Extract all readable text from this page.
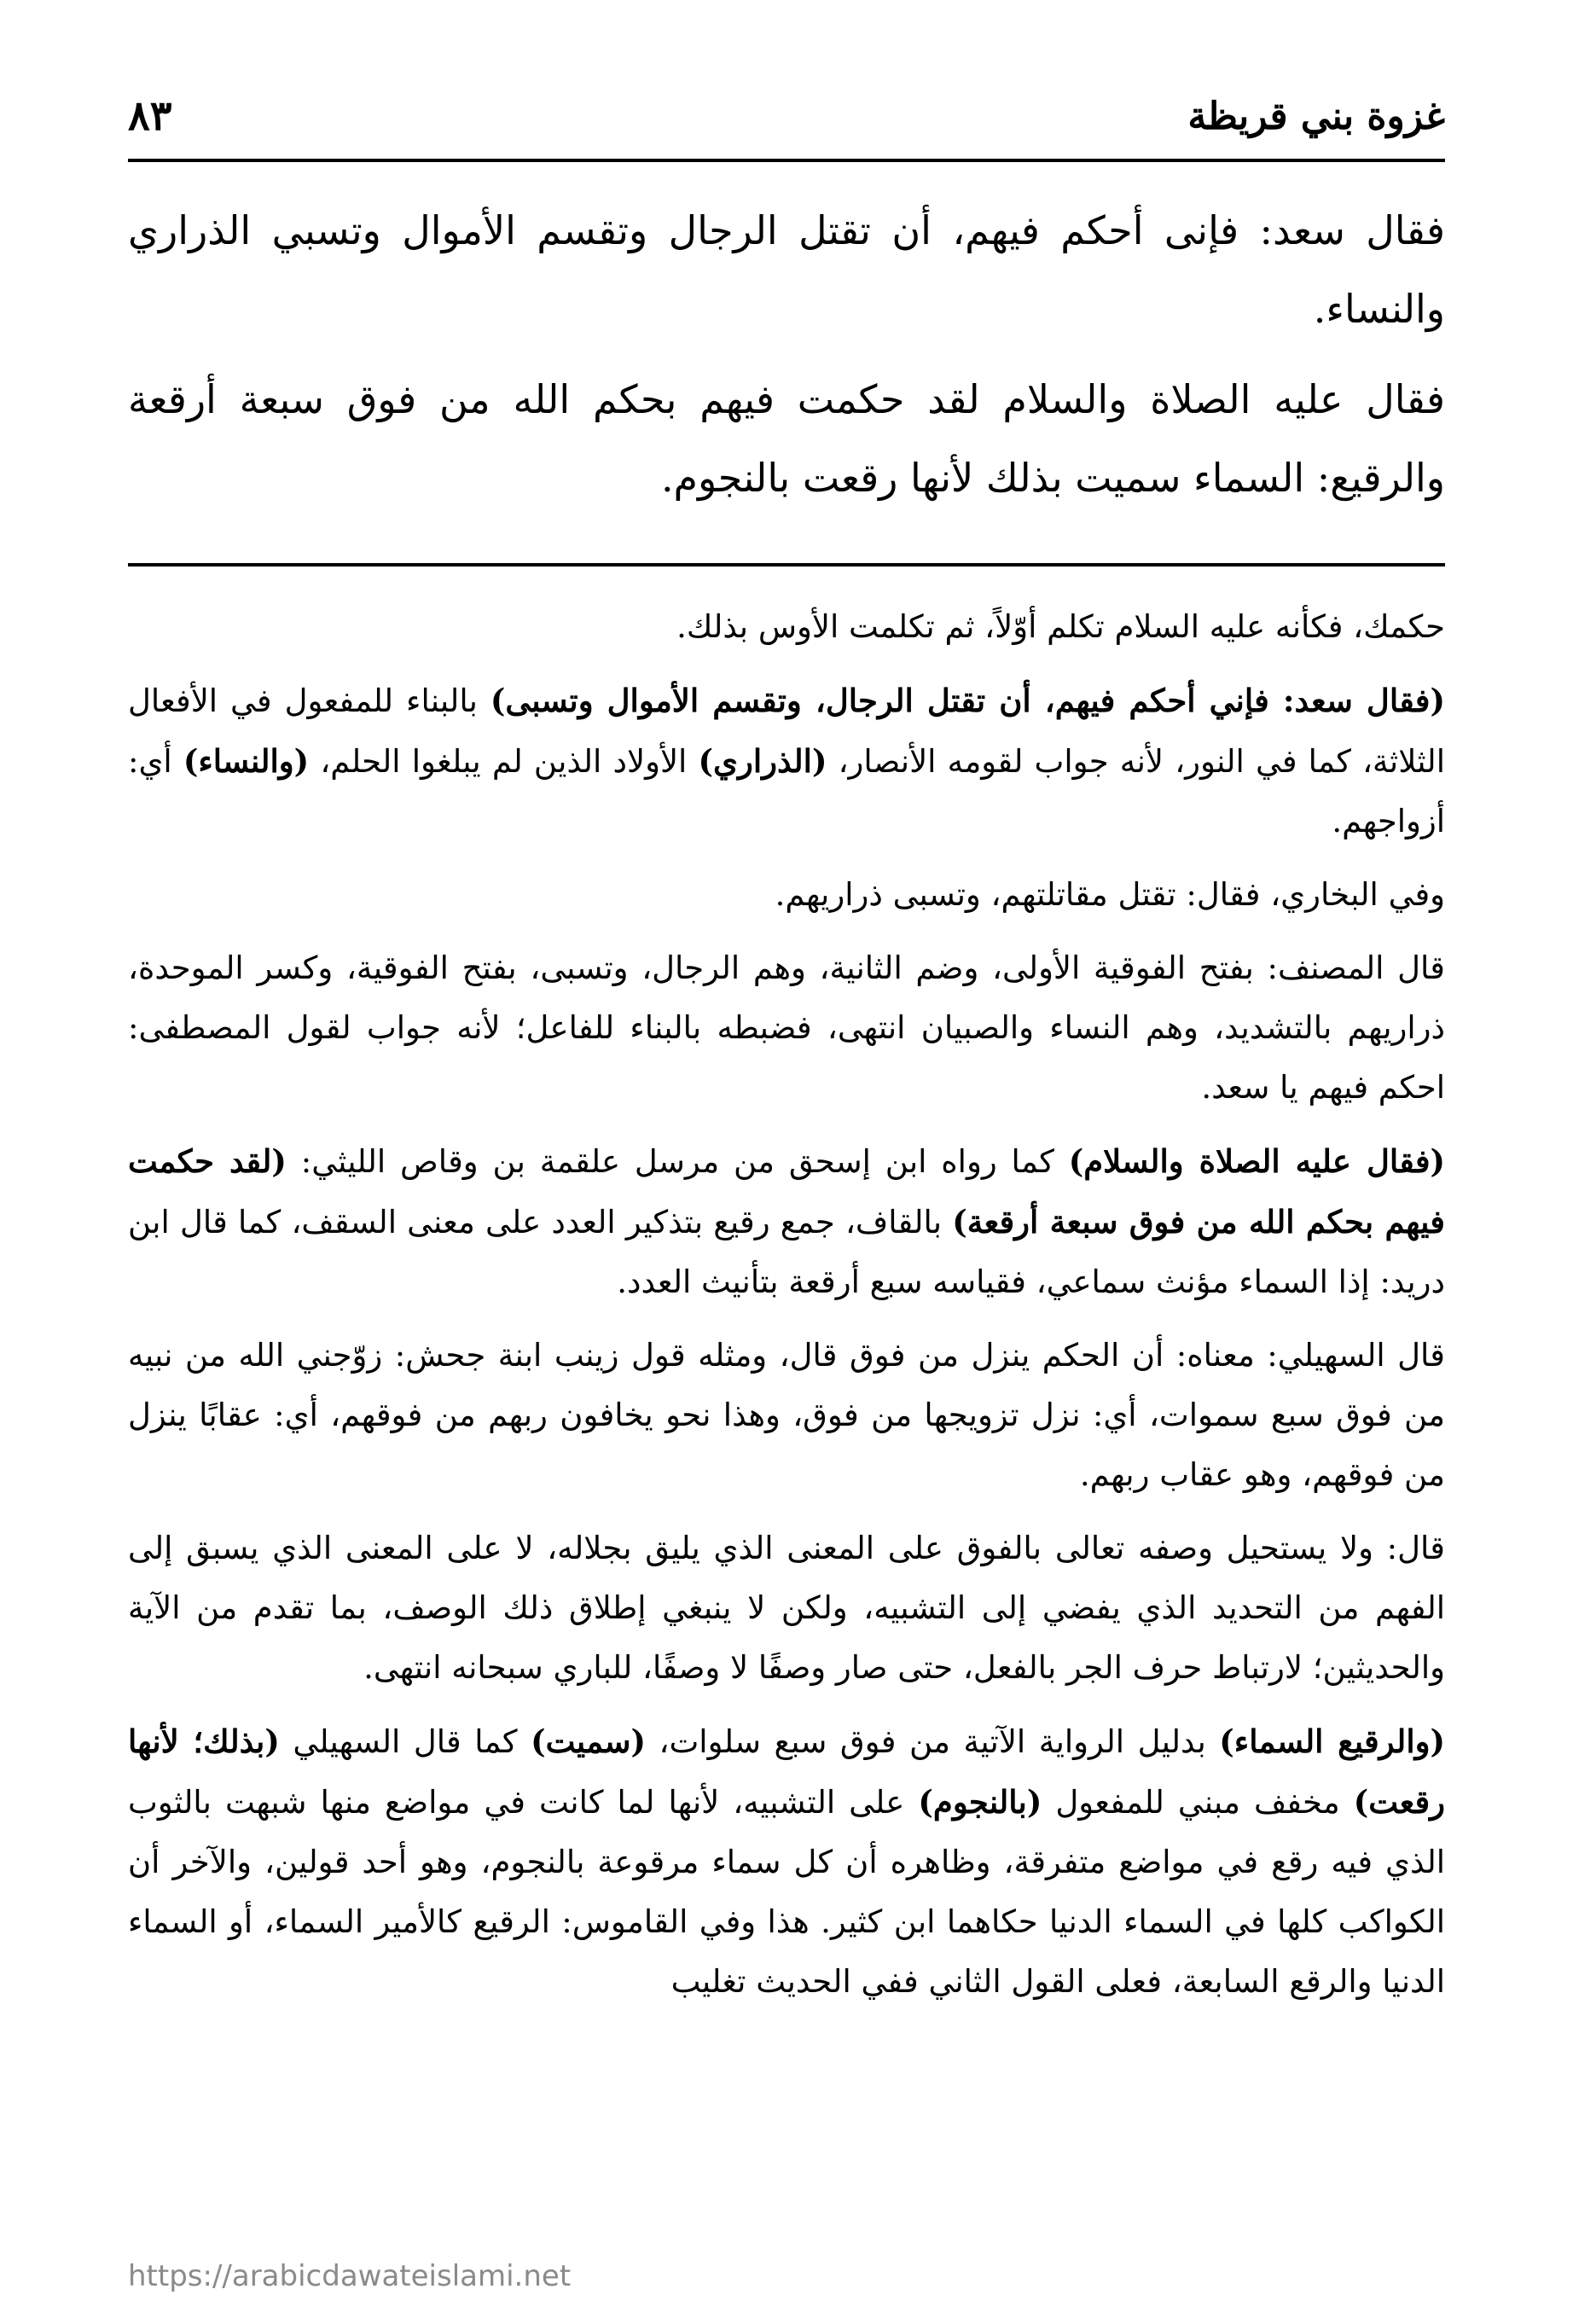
غزوة بني قريظة
٨٣

فقال سعد: فإنى أحكم فيهم، أن تقتل الرجال وتقسم الأموال وتسبي الذراري والنساء.

فقال عليه الصلاة والسلام لقد حكمت فيهم بحكم الله من فوق سبعة أرقعة والرقيع: السماء سميت بذلك لأنها رقعت بالنجوم.

حكمك، فكأنه عليه السلام تكلم أوّلاً، ثم تكلمت الأوس بذلك.

(فقال سعد: فإني أحكم فيهم، أن تقتل الرجال، وتقسم الأموال وتسبى) بالبناء للمفعول في الأفعال الثلاثة، كما في النور، لأنه جواب لقومه الأنصار، (الذراري) الأولاد الذين لم يبلغوا الحلم، (والنساء) أي: أزواجهم.

وفي البخاري، فقال: تقتل مقاتلتهم، وتسبى ذراريهم.

قال المصنف: بفتح الفوقية الأولى، وضم الثانية، وهم الرجال، وتسبى، بفتح الفوقية، وكسر الموحدة، ذراريهم بالتشديد، وهم النساء والصبيان انتهى، فضبطه بالبناء للفاعل؛ لأنه جواب لقول المصطفى: احكم فيهم يا سعد.

(فقال عليه الصلاة والسلام) كما رواه ابن إسحق من مرسل علقمة بن وقاص الليثي: (لقد حكمت فيهم بحكم الله من فوق سبعة أرقعة) بالقاف، جمع رقيع بتذكير العدد على معنى السقف، كما قال ابن دريد: إذا السماء مؤنث سماعي، فقياسه سبع أرقعة بتأنيث العدد.

قال السهيلي: معناه: أن الحكم ينزل من فوق قال، ومثله قول زينب ابنة جحش: زوّجني الله من نبيه من فوق سبع سموات، أي: نزل تزويجها من فوق، وهذا نحو يخافون ربهم من فوقهم، أي: عقابًا ينزل من فوقهم، وهو عقاب ربهم.

قال: ولا يستحيل وصفه تعالى بالفوق على المعنى الذي يليق بجلاله، لا على المعنى الذي يسبق إلى الفهم من التحديد الذي يفضي إلى التشبيه، ولكن لا ينبغي إطلاق ذلك الوصف، بما تقدم من الآية والحديثين؛ لارتباط حرف الجر بالفعل، حتى صار وصفًا لا وصفًا، للباري سبحانه انتهى.

(والرقيع السماء) بدليل الرواية الآتية من فوق سبع سلوات، (سميت) كما قال السهيلي (بذلك؛ لأنها رقعت) مخفف مبني للمفعول (بالنجوم) على التشبيه، لأنها لما كانت في مواضع منها شبهت بالثوب الذي فيه رقع في مواضع متفرقة، وظاهره أن كل سماء مرقوعة بالنجوم، وهو أحد قولين، والآخر أن الكواكب كلها في السماء الدنيا حكاهما ابن كثير. هذا وفي القاموس: الرقيع كالأمير السماء، أو السماء الدنيا والرقع السابعة، فعلى القول الثاني ففي الحديث تغليب

https://arabicdawateislami.net
